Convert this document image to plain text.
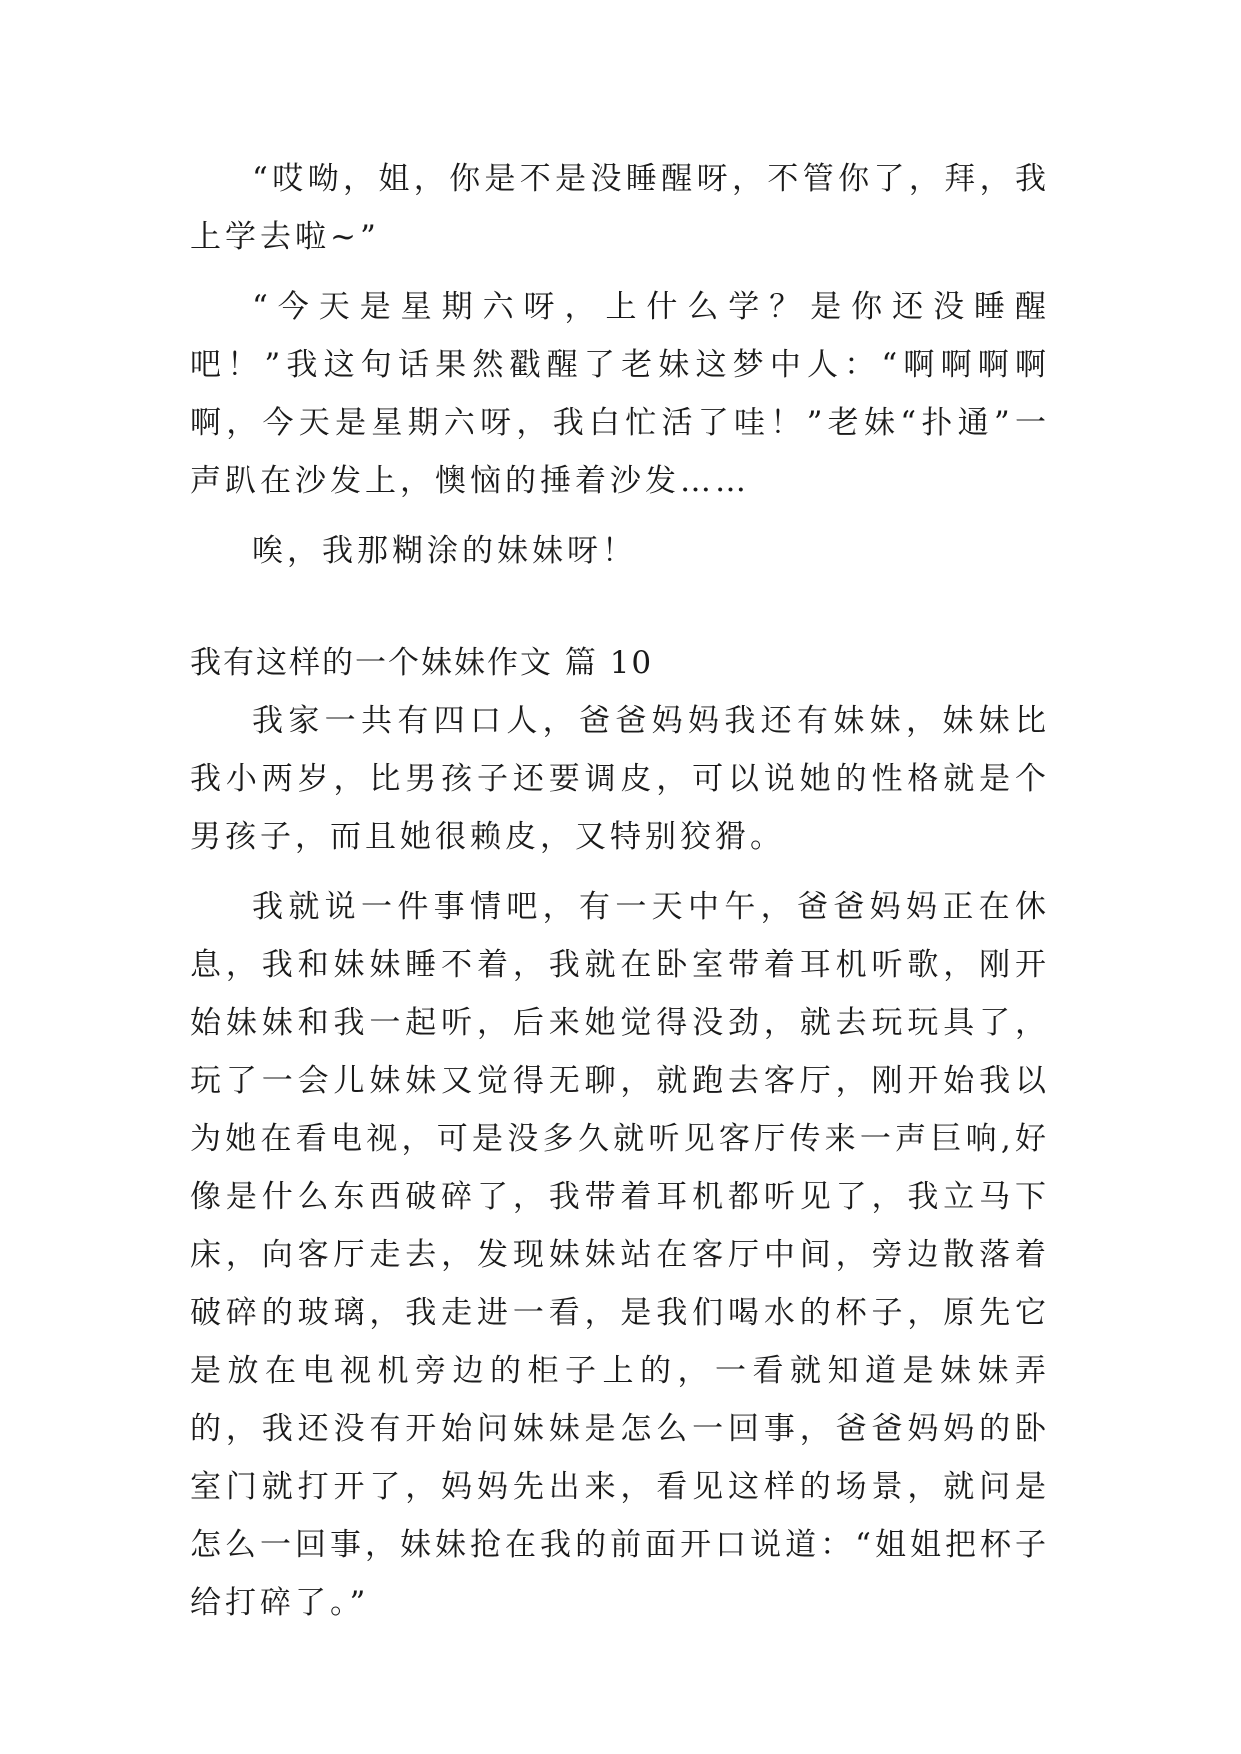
“哎呦，姐，你是不是没睡醒呀，不管你了，拜，我上学去啦~”

“今天是星期六呀，上什么学？是你还没睡醒吧！”我这句话果然戳醒了老妹这梦中人：“啊啊啊啊啊，今天是星期六呀，我白忙活了哇！”老妹“扑通”一声趴在沙发上，懊恼的捶着沙发……

唉，我那糊涂的妹妹呀！

我有这样的一个妹妹作文 篇 10

我家一共有四口人，爸爸妈妈我还有妹妹，妹妹比我小两岁，比男孩子还要调皮，可以说她的性格就是个男孩子，而且她很赖皮，又特别狡猾。

我就说一件事情吧，有一天中午，爸爸妈妈正在休息，我和妹妹睡不着，我就在卧室带着耳机听歌，刚开始妹妹和我一起听，后来她觉得没劲，就去玩玩具了，玩了一会儿妹妹又觉得无聊，就跑去客厅，刚开始我以为她在看电视，可是没多久就听见客厅传来一声巨响,好像是什么东西破碎了，我带着耳机都听见了，我立马下床，向客厅走去，发现妹妹站在客厅中间，旁边散落着破碎的玻璃，我走进一看，是我们喝水的杯子，原先它是放在电视机旁边的柜子上的，一看就知道是妹妹弄的，我还没有开始问妹妹是怎么一回事，爸爸妈妈的卧室门就打开了，妈妈先出来，看见这样的场景，就问是怎么一回事，妹妹抢在我的前面开口说道：“姐姐把杯子给打碎了。”
